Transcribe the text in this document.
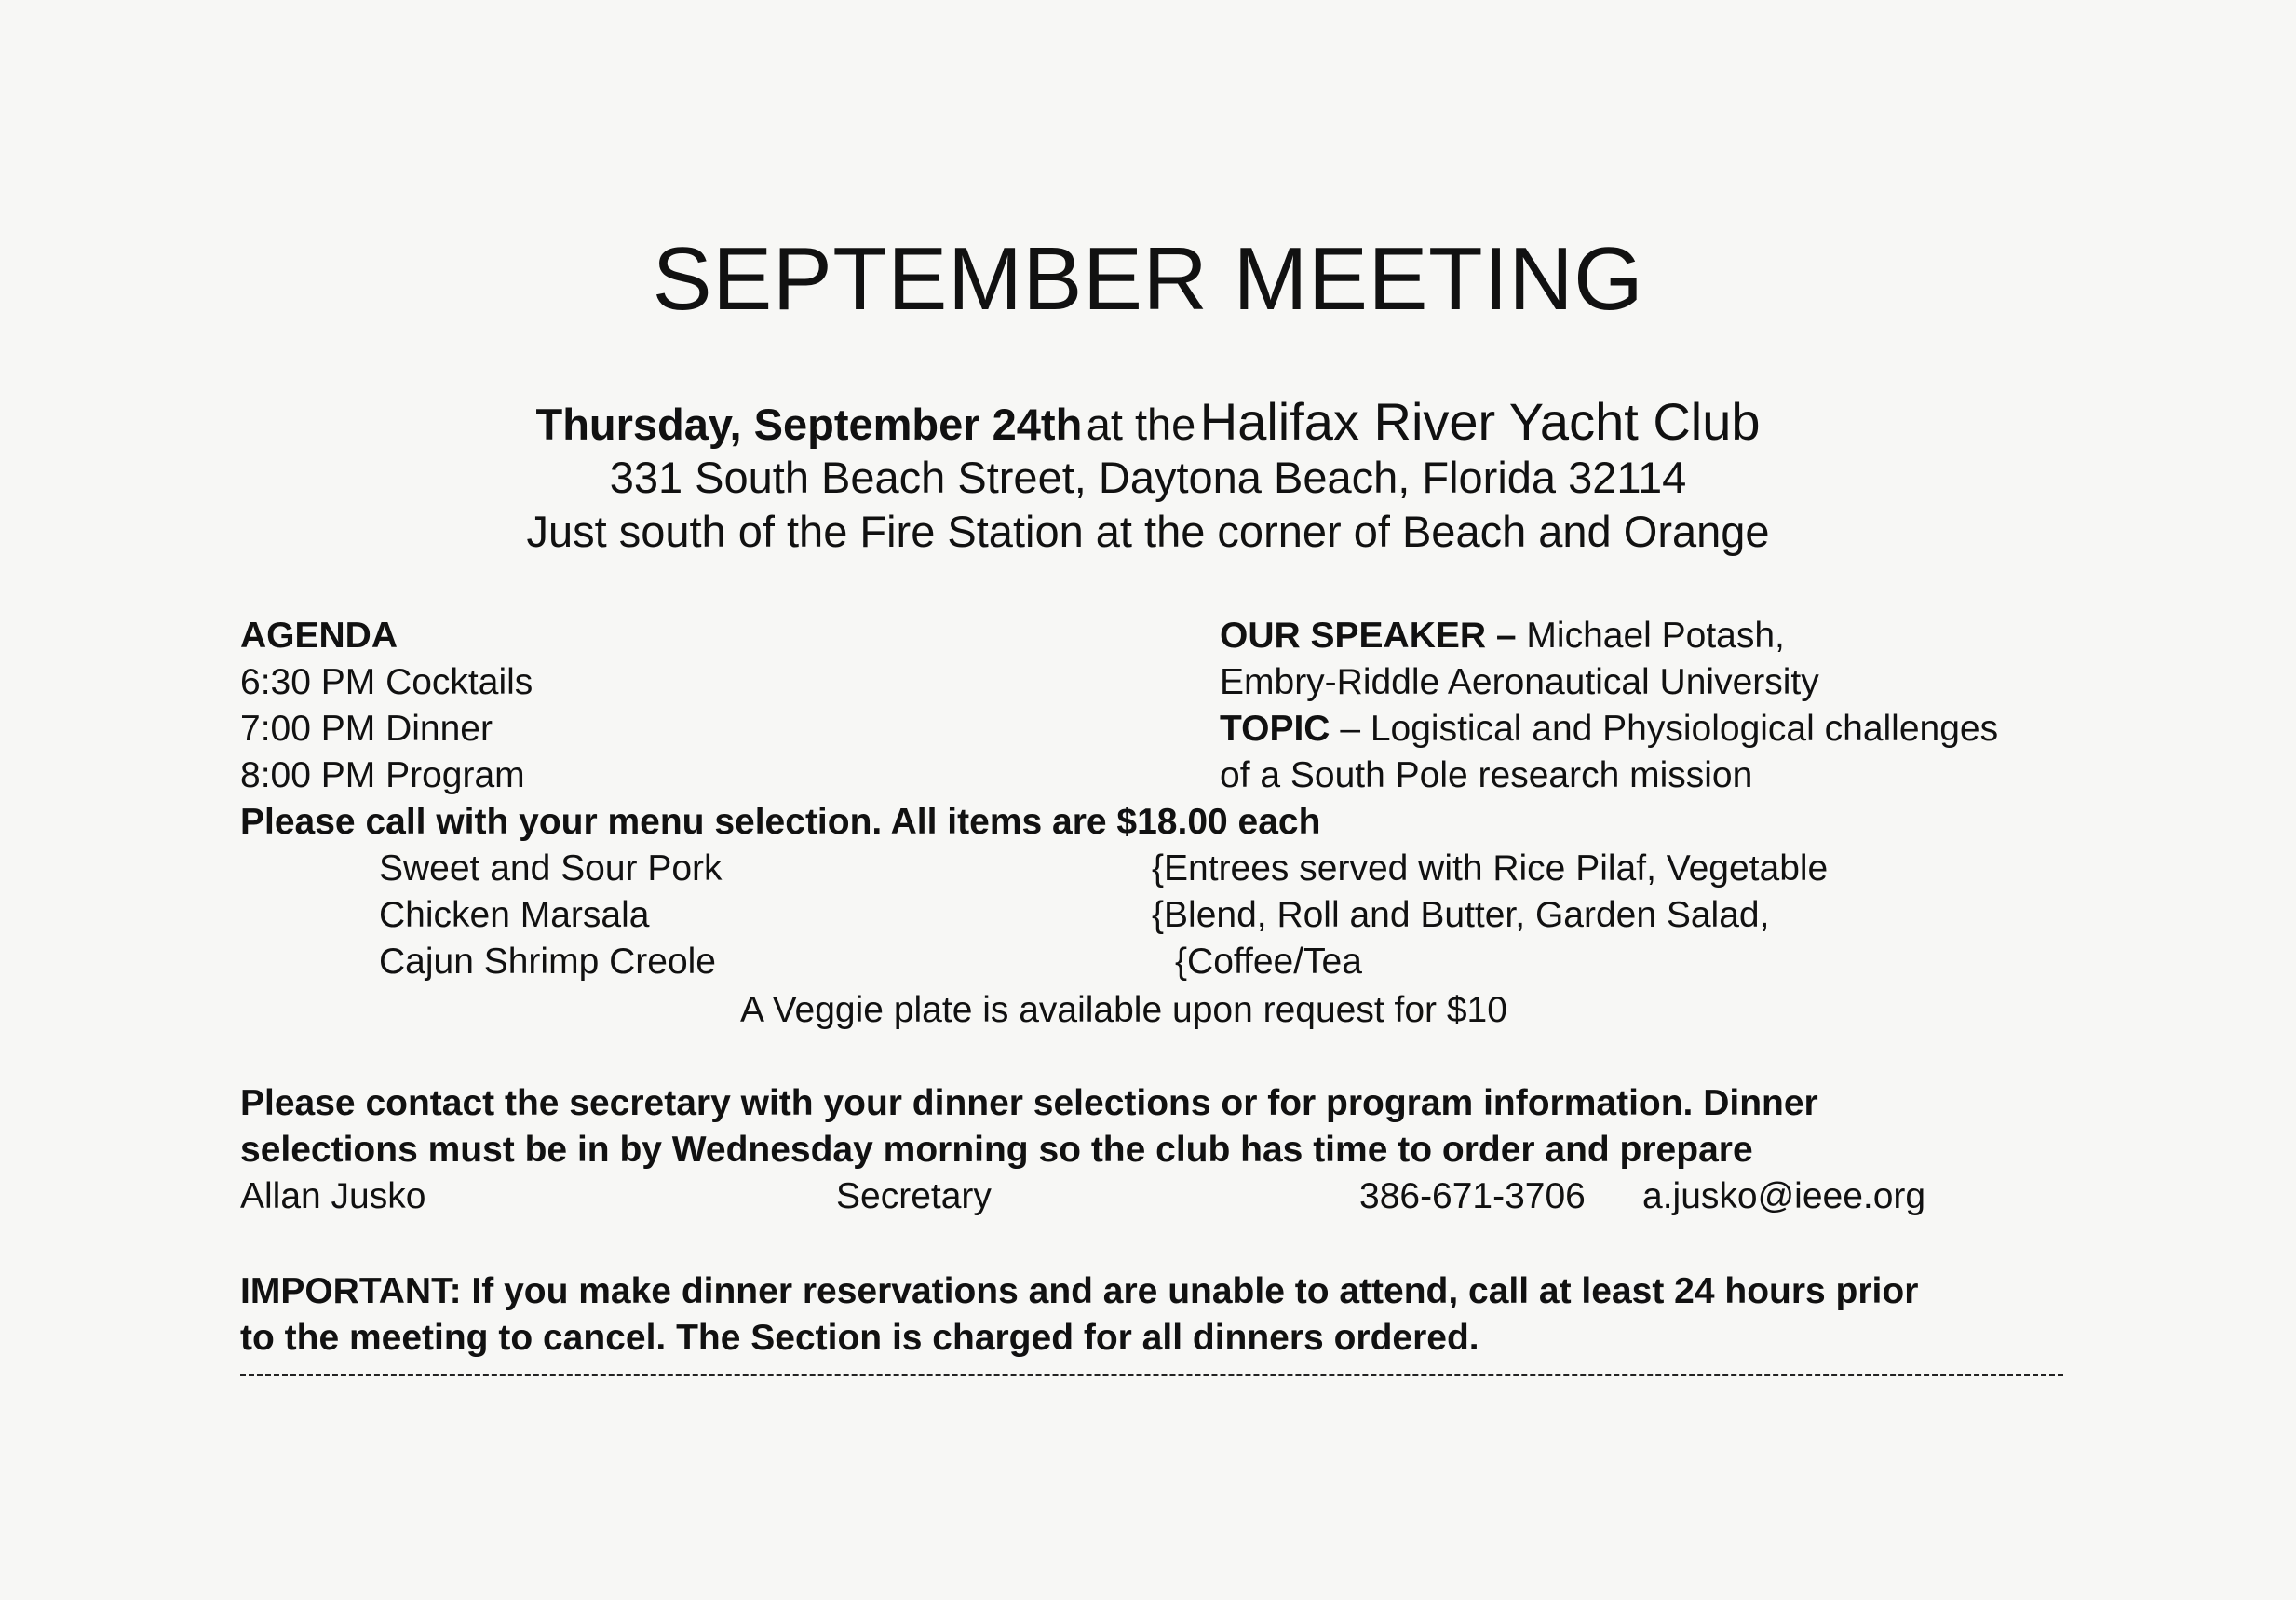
SEPTEMBER MEETING
Thursday, September 24th at the Halifax River Yacht Club
331 South Beach Street, Daytona Beach, Florida 32114
Just south of the Fire Station at the corner of Beach and Orange
AGENDA
6:30 PM Cocktails
7:00 PM Dinner
8:00 PM Program
OUR SPEAKER – Michael Potash,
Embry-Riddle Aeronautical University
TOPIC – Logistical and Physiological challenges
of a South Pole research mission
Please call with your menu selection. All items are $18.00 each
Sweet and Sour Pork
Chicken Marsala
Cajun Shrimp Creole
{Entrees served with Rice Pilaf, Vegetable
{Blend, Roll and Butter, Garden Salad,
{Coffee/Tea
A Veggie plate is available upon request for $10
Please contact the secretary with your dinner selections or for program information. Dinner
selections must be in by Wednesday morning so the club has time to order and prepare
Allan Jusko	Secretary	386-671-3706 a.jusko@ieee.org
IMPORTANT: If you make dinner reservations and are unable to attend, call at least 24 hours prior
to the meeting to cancel. The Section is charged for all dinners ordered.
